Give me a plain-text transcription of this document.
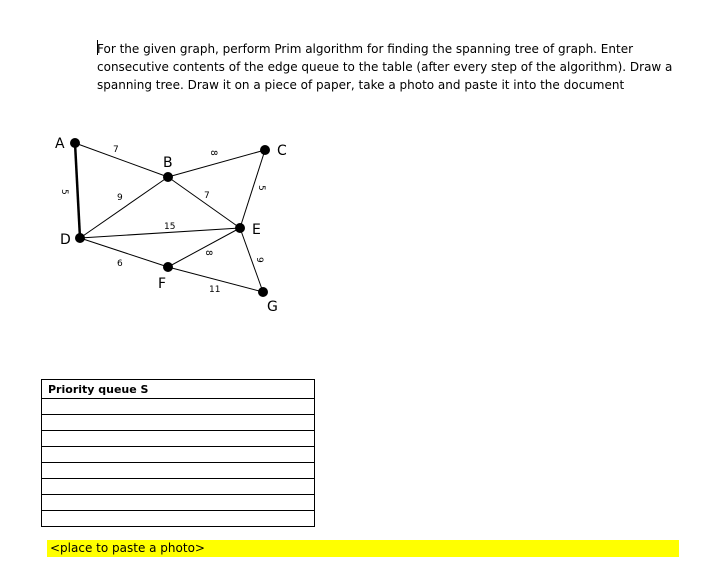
For the given graph, perform Prim algorithm for finding the spanning tree of graph. Enter
consecutive contents of the edge queue to the table (after every step of the algorithm). Draw a
spanning tree. Draw it on a piece of paper, take a photo and paste it into the document

A
B
C
D
E
F
G
7
5
8
9	7
5
15
6
8
9
11
Priority queue S

<place to paste a photo>
